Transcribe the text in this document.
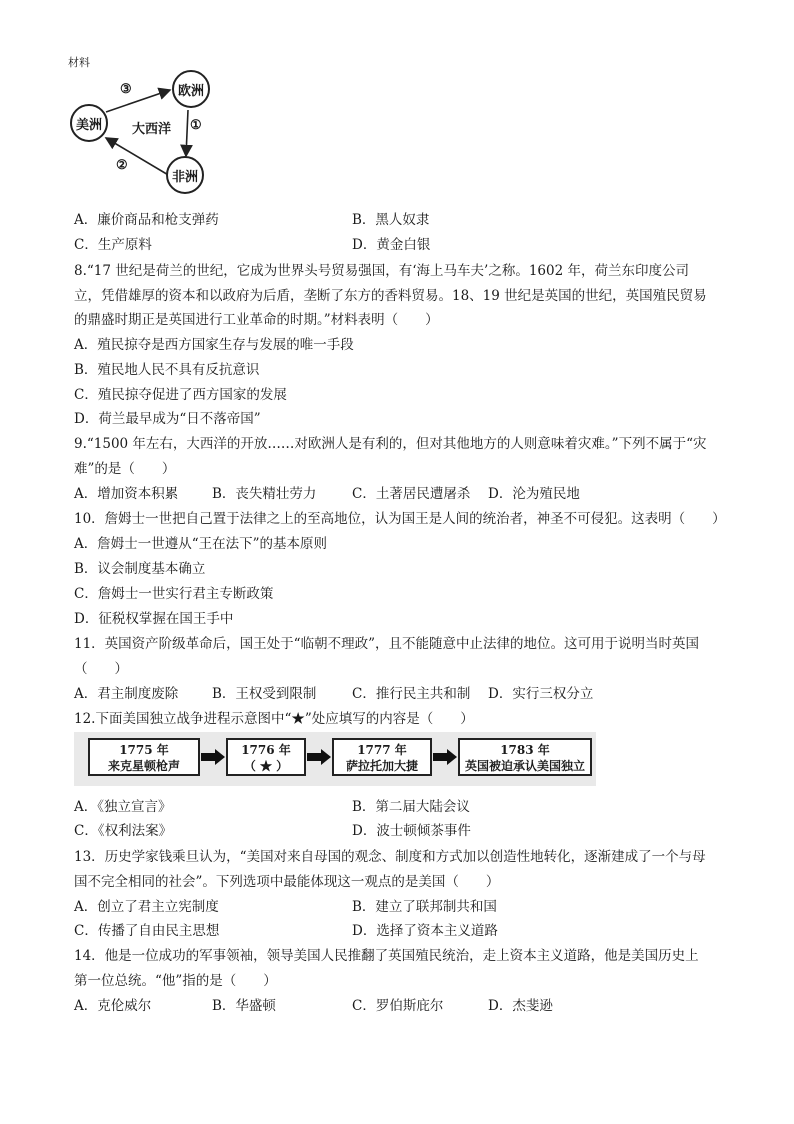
材料
美洲
欧洲
非洲
大西洋
③
①
②
A．廉价商品和枪支弹药	B．黑人奴隶
C．生产原料	D．黄金白银
8.“17 世纪是荷兰的世纪，它成为世界头号贸易强国，有‘海上马车夫’之称。1602 年，荷兰东印度公司
立，凭借雄厚的资本和以政府为后盾，垄断了东方的香料贸易。18、19 世纪是英国的世纪，英国殖民贸易
的鼎盛时期正是英国进行工业革命的时期。”材料表明（　　）
A．殖民掠夺是西方国家生存与发展的唯一手段
B．殖民地人民不具有反抗意识
C．殖民掠夺促进了西方国家的发展
D．荷兰最早成为“日不落帝国”
9.“1500 年左右，大西洋的开放……对欧洲人是有利的，但对其他地方的人则意味着灾难。”下列不属于“灾
难”的是（　　）
A．增加资本积累	B．丧失精壮劳力	C．土著居民遭屠杀 D．沦为殖民地
10．詹姆士一世把自己置于法律之上的至高地位，认为国王是人间的统治者，神圣不可侵犯。这表明（　　）
A．詹姆士一世遵从“王在法下”的基本原则
B．议会制度基本确立
C．詹姆士一世实行君主专断政策
D．征税权掌握在国王手中
11．英国资产阶级革命后，国王处于“临朝不理政”，且不能随意中止法律的地位。这可用于说明当时英国
（　　）
A．君主制度废除	B．王权受到限制	C．推行民主共和制 D．实行三权分立
12.下面美国独立战争进程示意图中“★”处应填写的内容是（　　）
1775 年
来克星顿枪声
1776 年
（ ★ ）
1777 年
萨拉托加大捷
1783 年
英国被迫承认美国独立
A．《独立宣言》	B．第二届大陆会议
C．《权利法案》	D．波士顿倾茶事件
13．历史学家钱乘旦认为，“美国对来自母国的观念、制度和方式加以创造性地转化，逐渐建成了一个与母
国不完全相同的社会”。下列选项中最能体现这一观点的是美国（　　）
A．创立了君主立宪制度	B．建立了联邦制共和国
C．传播了自由民主思想	D．选择了资本主义道路
14．他是一位成功的军事领袖，领导美国人民推翻了英国殖民统治，走上资本主义道路，他是美国历史上
第一位总统。“他”指的是（　　）
A．克伦威尔	B．华盛顿	C．罗伯斯庇尔	D．杰斐逊
